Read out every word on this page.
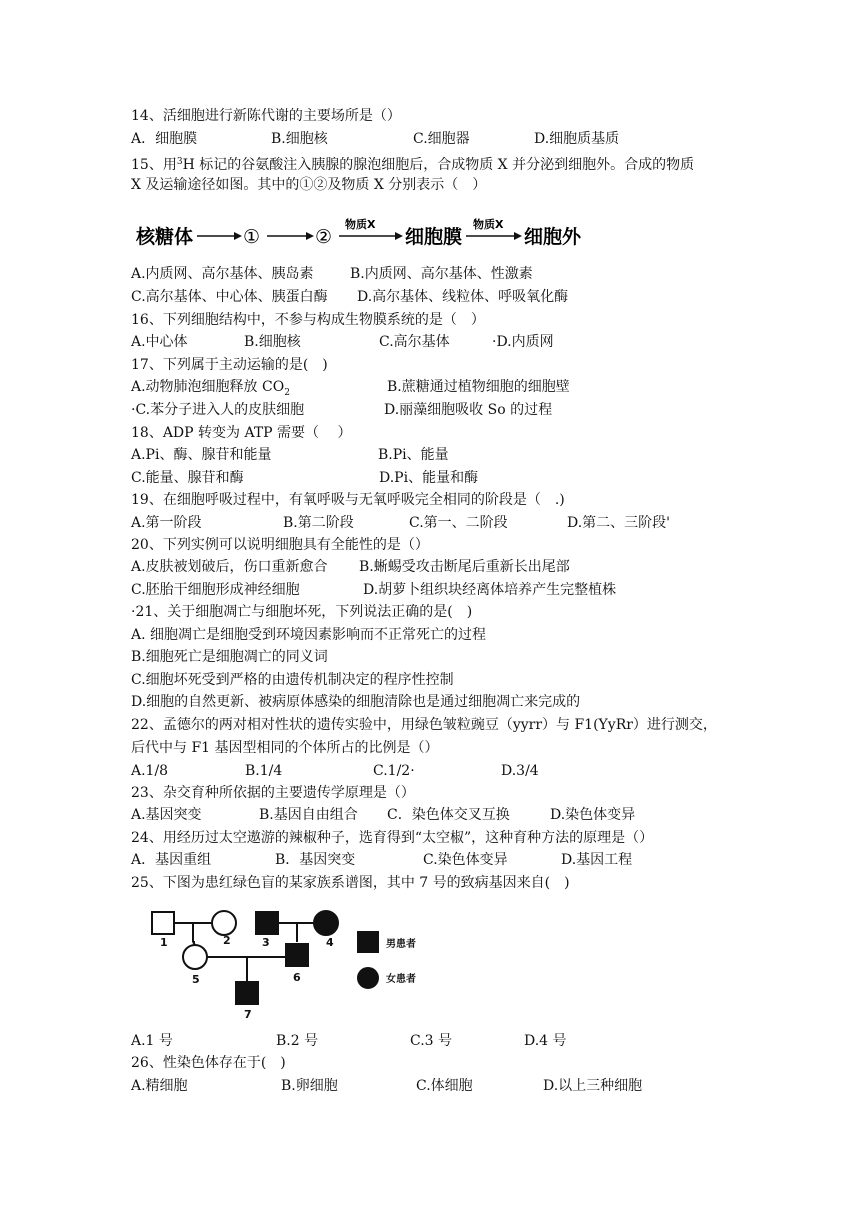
14、活细胞进行新陈代谢的主要场所是（）
A．细胞膜	B.细胞核	C.细胞器	D.细胞质基质
15、用$^3$H 标记的谷氨酸注入胰腺的腺泡细胞后，合成物质 X 并分泌到细胞外。合成的物质
X 及运输途径如图。其中的①②及物质 X 分别表示（　）
核糖体	①	②
物质X
细胞膜
物质X
细胞外
A.内质网、高尔基体、胰岛素	B.内质网、高尔基体、性激素
C.高尔基体、中心体、胰蛋白酶 D.高尔基体、线粒体、呼吸氧化酶
16、下列细胞结构中，不参与构成生物膜系统的是（　）
A.中心体	B.细胞核	C.高尔基体	·D.内质网
17、下列属于主动运输的是(　)
A.动物肺泡细胞释放 $CO_2$	B.蔗糖通过植物细胞的细胞壁
·C.苯分子进入人的皮肤细胞	D.丽藻细胞吸收 So 的过程
18、ADP 转变为 ATP 需要（　 ）
A.Pi、酶、腺苷和能量	B.Pi、能量
C.能量、腺苷和酶	D.Pi、能量和酶
19、在细胞呼吸过程中，有氧呼吸与无氧呼吸完全相同的阶段是（　.)
A.第一阶段	B.第二阶段	C.第一、二阶段	D.第二、三阶段'
20、下列实例可以说明细胞具有全能性的是（）
A.皮肤被划破后，伤口重新愈合 B.蜥蜴受攻击断尾后重新长出尾部
C.胚胎干细胞形成神经细胞	D.胡萝卜组织块经离体培养产生完整植株
·21、关于细胞凋亡与细胞坏死，下列说法正确的是(　)
A. 细胞凋亡是细胞受到环境因素影响而不正常死亡的过程
B.细胞死亡是细胞凋亡的同义词
C.细胞坏死受到严格的由遗传机制决定的程序性控制
D.细胞的自然更新、被病原体感染的细胞清除也是通过细胞凋亡来完成的
22、孟德尔的两对相对性状的遗传实验中，用绿色皱粒豌豆（yyrr）与 F1(YyRr）进行测交，
后代中与 F1 基因型相同的个体所占的比例是（）
A.1/8	B.1/4	C.1/2·	D.3/4
23、杂交育种所依据的主要遗传学原理是（）
A.基因突变	B.基因自由组合 C．染色体交叉互换	D.染色体变异
24、用经历过太空遨游的辣椒种子，选育得到“太空椒”，这种育种方法的原理是（）
A．基因重组	B．基因突变	C.染色体变异	D.基因工程
25、下图为患红绿色盲的某家族系谱图，其中 7 号的致病基因来自(　)
1	2	3	4
5	6
7
男患者
女患者
A.1 号	B.2 号	C.3 号	D.4 号
26、性染色体存在于(　)
A.精细胞	B.卵细胞	C.体细胞	D.以上三种细胞
